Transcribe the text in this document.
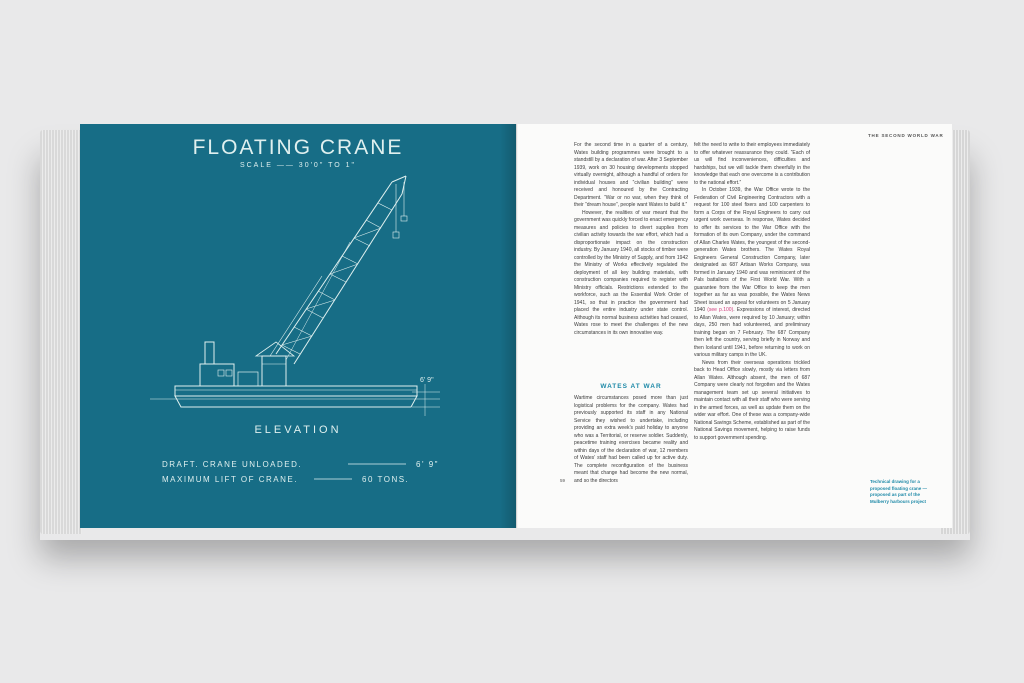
FLOATING CRANE
SCALE —— 30'0" TO 1"
6' 9"
ELEVATION
DRAFT. CRANE UNLOADED.	6' 9"
MAXIMUM LIFT OF CRANE.	60 TONS.
THE SECOND WORLD WAR

For the second time in a quarter of a century, Wates building programmes were brought to a standstill by a declaration of war. After 3 September 1939, work on 30 housing developments stopped virtually overnight, although a handful of orders for individual houses and “civilian building” were received and honoured by the Contracting Department. “War or no war, when they think of their “dream house”, people want Wates to build it.”

However, the realities of war meant that the government was quickly forced to enact emergency measures and policies to divert supplies from civilian activity towards the war effort, which had a disproportionate impact on the construction industry. By January 1940, all stocks of timber were controlled by the Ministry of Supply, and from 1942 the Ministry of Works effectively regulated the deployment of all key building materials, with construction companies required to register with Ministry officials. Restrictions extended to the workforce, such as the Essential Work Order of 1941, so that in practice the government had placed the entire industry under state control. Although its normal business activities had ceased, Wates rose to meet the challenges of the new circumstances in its own innovative way.

WATES AT WAR

Wartime circumstances posed more than just logistical problems for the company. Wates had previously supported its staff in any National Service they wished to undertake, including providing an extra week’s paid holiday to anyone who was a Territorial, or reserve soldier. Suddenly, peacetime training exercises became reality and within days of the declaration of war, 12 members of Wates’ staff had been called up for active duty. The complete reconfiguration of the business meant that change had become the new normal, and so the directors

felt the need to write to their employees immediately to offer whatever reassurance they could. “Each of us will find inconveniences, difficulties and hardships, but we will tackle them cheerfully in the knowledge that each one overcome is a contribution to the national effort.”

In October 1939, the War Office wrote to the Federation of Civil Engineering Contractors with a request for 100 steel fixers and 100 carpenters to form a Corps of the Royal Engineers to carry out urgent work overseas. In response, Wates decided to offer its services to the War Office with the formation of its own Company, under the command of Allan Charles Wates, the youngest of the second-generation Wates brothers. The Wates Royal Engineers General Construction Company, later designated as 687 Artisan Works Company, was formed in January 1940 and was reminiscent of the Pals battalions of the First World War. With a guarantee from the War Office to keep the men together as far as was possible, the Wates News Sheet issued an appeal for volunteers on 5 January 1940 (see p.100). Expressions of interest, directed to Allan Wates, were required by 10 January; within days, 250 men had volunteered, and preliminary training began on 7 February. The 687 Company then left the country, serving briefly in Norway and then Iceland until 1941, before returning to work on various military camps in the UK.

News from their overseas operations trickled back to Head Office slowly, mostly via letters from Allan Wates. Although absent, the men of 687 Company were clearly not forgotten and the Wates management team set up several initiatives to maintain contact with all their staff who were serving in the armed forces, as well as update them on the wider war effort. One of these was a company-wide National Savings Scheme, established as part of the National Savings movement, helping to raise funds to support government spending.

59	Technical drawing for a proposed floating crane — proposed as part of the Mulberry harbours project
